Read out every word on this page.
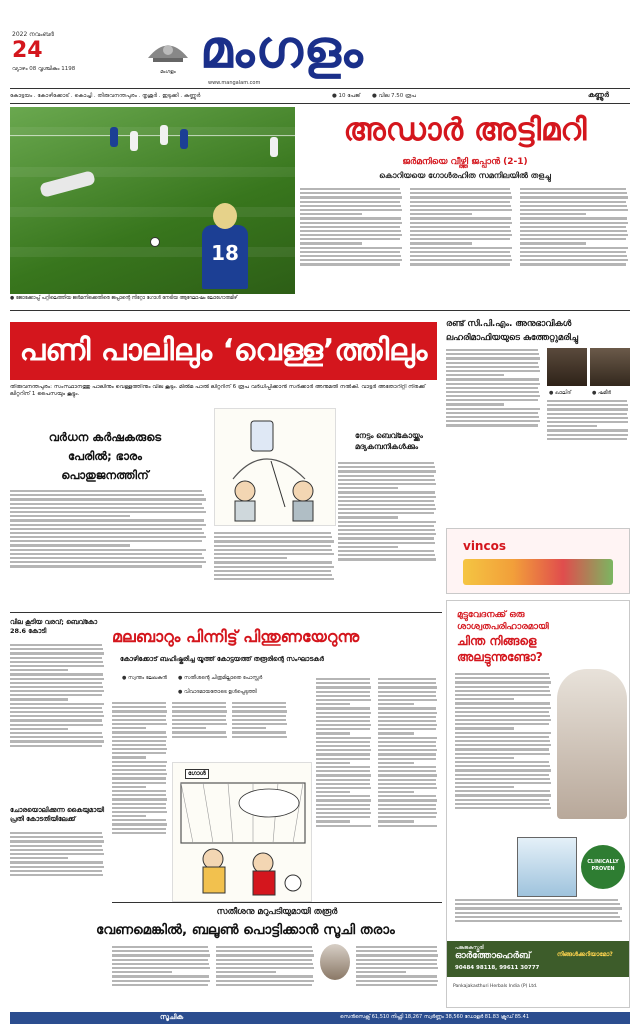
2022 നവംബർ
24
വ്യാഴം 08 വൃശ്ചികം 1198	മംഗളം മംഗളം
www.mangalam.com
കോട്ടയം . കോഴിക്കോട് . കൊച്ചി . തിരുവനന്തപുരം . തൃശൂർ . ഇടുക്കി . കണ്ണൂർ	● 10 പേജ് ● വില 7.50 രൂപ	കണ്ണൂർ
18
● ജോക്കോപ്പ് പറ്റിലെത്തിയ ജർമനിക്കെതിരെ ജപ്പാന്റെ നിറ്റോ ഗോൾ നേടിയ ആഘോഷം ലോഗോതമിഴ്
അഡാർ അട്ടിമറി
ജർമനിയെ വീഴ്ത്തി ജപ്പാൻ (2-1)
കൊറിയയെ ഗോൾരഹിത സമനിലയിൽ തളച്ചു
പണി പാലിലും ‘വെള്ള’ത്തിലും
തിരുവനന്തപുരം: സംസ്ഥാനത്തു പാലിനും വെള്ളത്തിനും വില കൂടും. മിൽമ പാൽ ലിറ്ററിന് 6 രൂപ വർധിപ്പിക്കാൻ സർക്കാർ അനുമതി നൽകി. വാട്ടർ അതോറിറ്റി നിരക്ക് ലിറ്ററിന് 1 പൈസയും കൂട്ടും.
രണ്ട് സി.പി.എം. അനുഭാവികൾ
ലഹരിമാഫിയയുടെ കുത്തേറ്റുമരിച്ചു
● ഖാലിദ്	● ഷമീർ
vincos
വർധന കർഷകരുടെ പേരിൽ; ഭാരം പൊതുജനത്തിന്
നേട്ടം ബെവ്കോയ്ക്കും മദ്യകമ്പനികൾക്കും
വില കൂടിയ വരവ്; ബെവ്കോ 28.6 കോടി
ചോരയൊലിക്കുന്ന കൈയുമായി പ്രതി കോടതിയിലേക്ക്
മലബാറും പിന്നിട്ട് പിന്തുണയേറുന്നു
കോഴിക്കോട് ബഹിഷ്കരിച്ച യൂത്ത് കോട്ടയത്ത് തരൂരിന്റെ സംഘാടകർ
● സ്വന്തം ലേഖകൻ ● സതീശന്റെ ചിത്രമില്ലാതെ പോസ്റ്റർ
● വിവാദമായതോടെ ഉൾപ്പെടുത്തി
ഗോൾ
സതീശനു മറുപടിയുമായി തരൂർ
വേണമെങ്കിൽ, ബലൂൺ പൊട്ടിക്കാൻ സൂചി തരാം
മുട്ടുവേദനക്ക് ഒരു
ശാശ്വതപരിഹാരമായി
ചിന്ത നിങ്ങളെ
അലട്ടുന്നുണ്ടോ?
CLINICALLY PROVEN
പങ്കജകസ്തൂരി
ഓർത്തോഹെർബ്
90484 98118, 99611 30777
നിങ്ങൾക്കറിയാമോ?
Pankajakasthuri Herbals India (P) Ltd.
സൂചിക	സെൻസെക്സ് 61,510 നിഫ്റ്റി 18,267 സ്വർണ്ണം 38,560 ഡോളർ 81.83 ക്രൂഡ് 85.41
